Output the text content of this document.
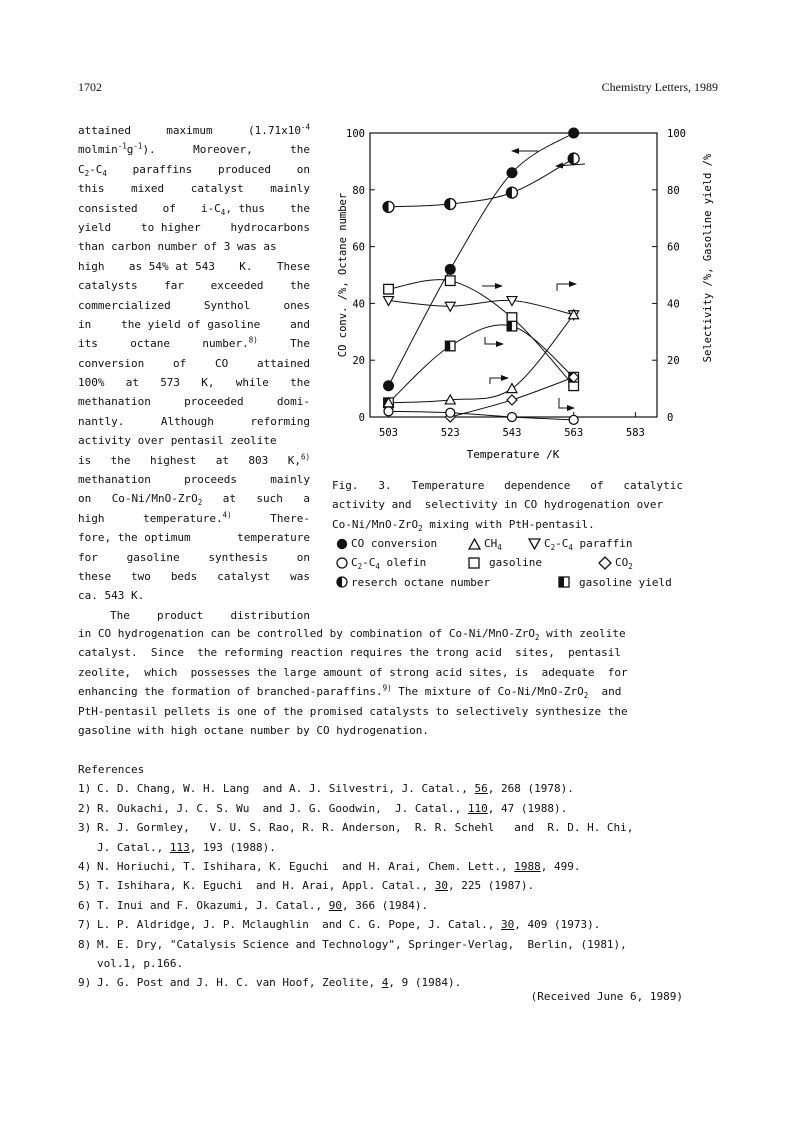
1702	Chemistry Letters, 1989
attained	maximum	($1.71x10^{-4}$
$molmin^{-1}g^{-1}$).	Moreover,	the
$C_2-C_4$ paraffins produced on
this mixed catalyst mainly
consisted of $i-C_4$, thus the
yield	to higher	hydrocarbons
than carbon number of 3 was as
high as 54% at 543 K. These
catalysts far exceeded the
commercialized	Synthol	ones
in	the yield of gasoline	and
its	octane	number.$^{8)}$	The
conversion	of	CO	attained
100% at 573 K, while the
methanation	proceeded	domi-
nantly.	Although	reforming
activity over pentasil zeolite
is the highest at 803 K,$^{6)}$
methanation	proceeds	mainly
on Co-Ni/MnO-ZrO$_2$ at such a
high	temperature.$^{4)}$	There-
fore, the optimum	temperature
for	gasoline	synthesis	on
these two beds catalyst was
ca. 543 K.
The product distribution
in CO hydrogenation can be controlled by combination of Co-Ni/MnO-ZrO$_2$ with zeolite
catalyst.  Since  the reforming reaction requires the trong acid  sites,  pentasil
zeolite,  which  possesses the large amount of strong acid sites, is  adequate  for
enhancing the formation of branched-paraffins.$^{9)}$ The mixture of Co-Ni/MnO-ZrO$_2$  and
PtH-pentasil pellets is one of the promised catalysts to selectively synthesize the
gasoline with high octane number by CO hydrogenation.
References
1) C. D. Chang, W. H. Lang  and A. J. Silvestri, J. Catal., 56, 268 (1978).
2) R. Oukachi, J. C. S. Wu  and J. G. Goodwin,  J. Catal., 110, 47 (1988).
3) R. J. Gormley,   V. U. S. Rao, R. R. Anderson,  R. R. Schehl   and  R. D. H. Chi,
J. Catal., 113, 193 (1988).
4) N. Horiuchi, T. Ishihara, K. Eguchi  and H. Arai, Chem. Lett., 1988, 499.
5) T. Ishihara, K. Eguchi  and H. Arai, Appl. Catal., 30, 225 (1987).
6) T. Inui and F. Okazumi, J. Catal., 90, 366 (1984).
7) L. P. Aldridge, J. P. Mclaughlin  and C. G. Pope, J. Catal., 30, 409 (1973).
8) M. E. Dry, "Catalysis Science and Technology", Springer-Verlag,  Berlin, (1981),
vol.1, p.166.
9) J. G. Post and J. H. C. van Hoof, Zeolite, 4, 9 (1984).
(Received June 6, 1989)
503	523	543	563	583
0	0
20	20
40	40
60	60
80	80
100	100
Temperature /K
CO conv. /%, Octane number	Selectivity /%, Gasoline yield /%
Fig.   3.   Temperature   dependence   of   catalytic
activity and  selectivity in CO hydrogenation over
Co-Ni/MnO-ZrO$_2$ mixing with PtH-pentasil.
CO conversion	$CH_4$	$C_2-C_4$ paraffin
$C_2-C_4$ olefin	gasoline	$CO_2$
reserch octane number	gasoline yield
